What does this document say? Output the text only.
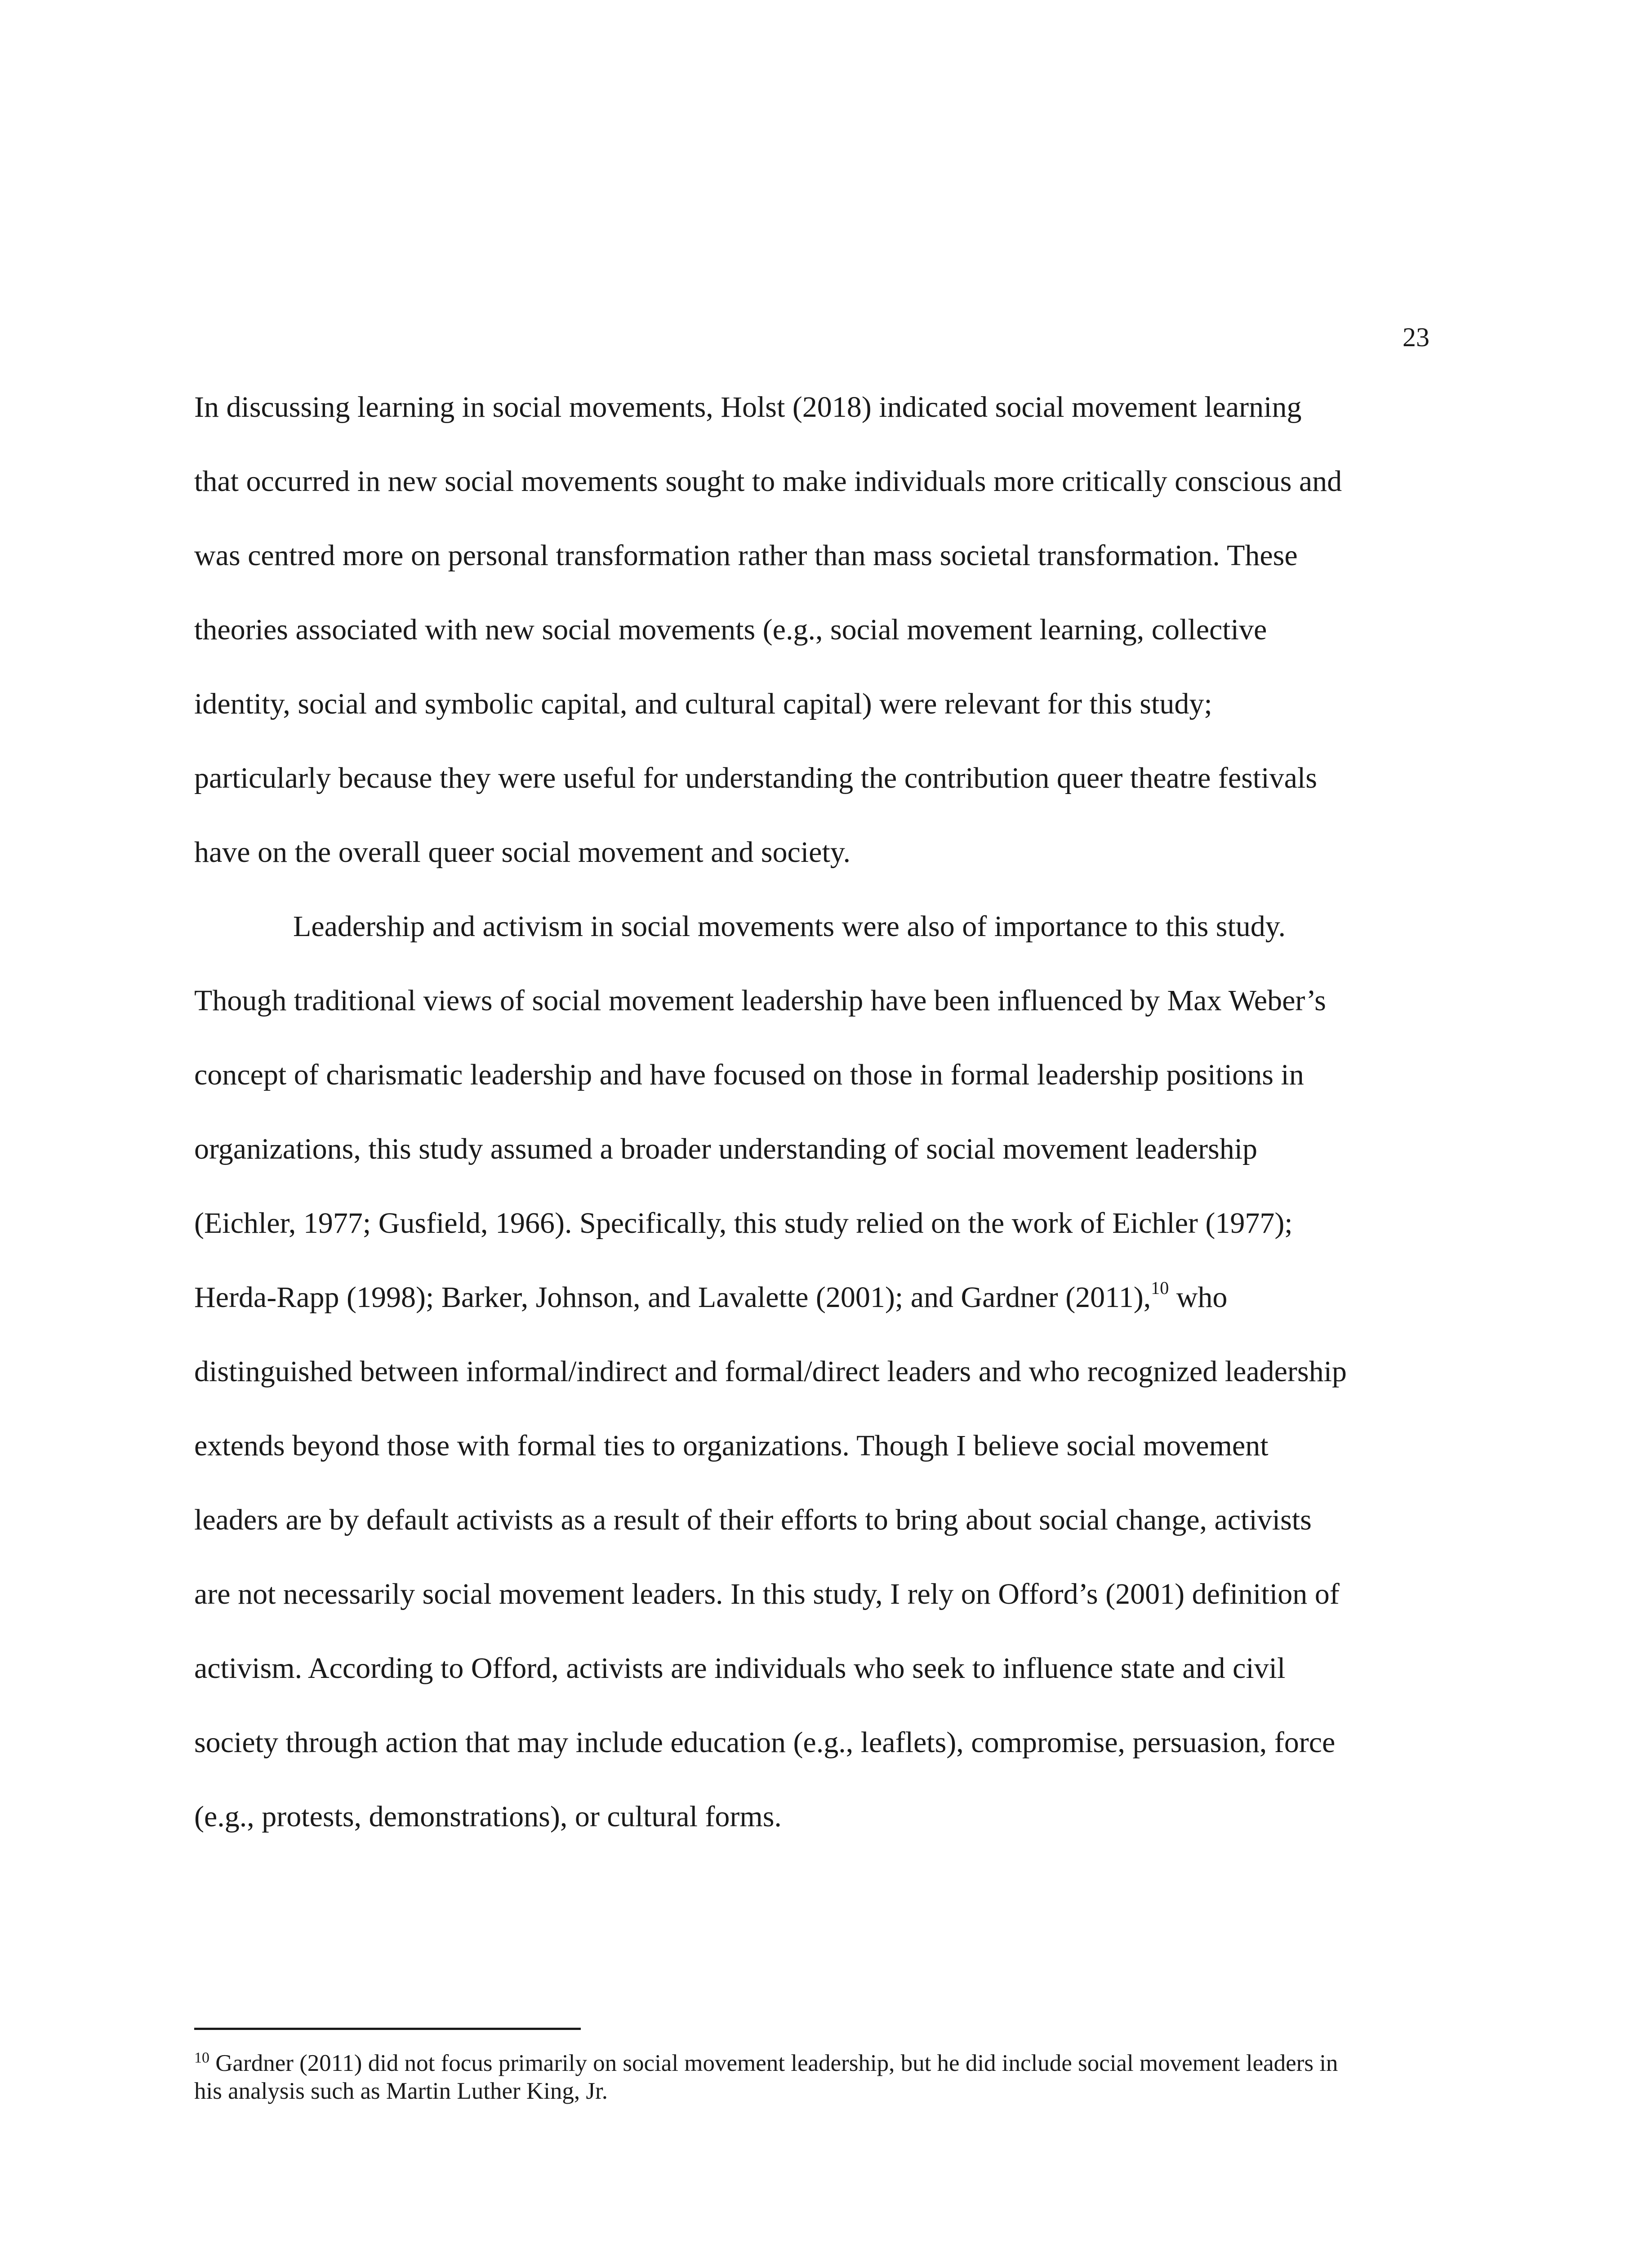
23
In discussing learning in social movements, Holst (2018) indicated social movement learning
that occurred in new social movements sought to make individuals more critically conscious and
was centred more on personal transformation rather than mass societal transformation. These
theories associated with new social movements (e.g., social movement learning, collective
identity, social and symbolic capital, and cultural capital) were relevant for this study;
particularly because they were useful for understanding the contribution queer theatre festivals
have on the overall queer social movement and society.
Leadership and activism in social movements were also of importance to this study.
Though traditional views of social movement leadership have been influenced by Max Weber’s
concept of charismatic leadership and have focused on those in formal leadership positions in
organizations, this study assumed a broader understanding of social movement leadership
(Eichler, 1977; Gusfield, 1966). Specifically, this study relied on the work of Eichler (1977);
Herda-Rapp (1998); Barker, Johnson, and Lavalette (2001); and Gardner (2011),$^{10}$ who
distinguished between informal/indirect and formal/direct leaders and who recognized leadership
extends beyond those with formal ties to organizations. Though I believe social movement
leaders are by default activists as a result of their efforts to bring about social change, activists
are not necessarily social movement leaders. In this study, I rely on Offord’s (2001) definition of
activism. According to Offord, activists are individuals who seek to influence state and civil
society through action that may include education (e.g., leaflets), compromise, persuasion, force
(e.g., protests, demonstrations), or cultural forms.
$^{10}$ Gardner (2011) did not focus primarily on social movement leadership, but he did include social movement leaders in
his analysis such as Martin Luther King, Jr.
